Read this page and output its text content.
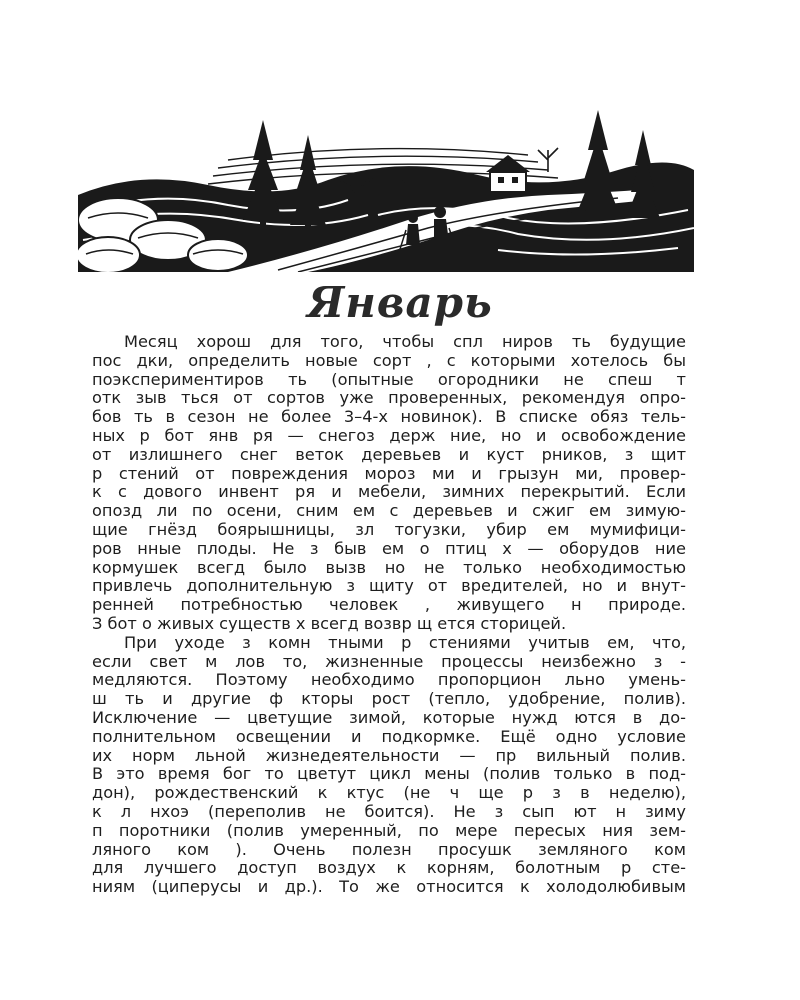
Январь
Месяц хорош для того, чтобы спл ниров ть будущие
пос дки, определить новые сорт , с которыми хотелось бы
поэкспериментиров ть (опытные огородники не спеш т
отк зыв ться от сортов уже проверенных, рекомендуя опро-
бов ть в сезон не более 3–4-х новинок). В списке обяз тель-
ных р бот янв ря — снегоз держ ние, но и освобождение
от излишнего снег веток деревьев и куст рников, з щит
р стений от повреждения мороз ми и грызун ми, провер-
к с дового инвент ря и мебели, зимних перекрытий. Если
опозд ли по осени, сним ем с деревьев и сжиг ем зимую-
щие гнёзд боярышницы, зл тогузки, убир ем мумифици-
ров нные плоды. Не з быв ем о птиц х — оборудов ние
кормушек всегд было вызв но не только необходимостью
привлечь дополнительную з щиту от вредителей, но и внут-
ренней потребностью человек , живущего н природе.
З бот о живых существ х всегд возвр щ ется сторицей.
При уходе з комн тными р стениями учитыв ем, что,
если свет м лов то, жизненные процессы неизбежно з -
медляются. Поэтому необходимо пропорцион льно умень-
ш ть и другие ф кторы рост (тепло, удобрение, полив).
Исключение — цветущие зимой, которые нужд ются в до-
полнительном освещении и подкормке. Ещё одно условие
их норм льной жизнедеятельности — пр вильный полив.
В это время бог то цветут цикл мены (полив только в под-
дон), рождественский к ктус (не ч ще р з в неделю),
к л нхоэ (переполив не боится). Не з сып ют н зиму
п поротники (полив умеренный, по мере пересых ния зем-
ляного ком ). Очень полезн просушк земляного ком
для лучшего доступ воздух к корням, болотным р сте-
ниям (циперусы и др.). То же относится к холодолюбивым
